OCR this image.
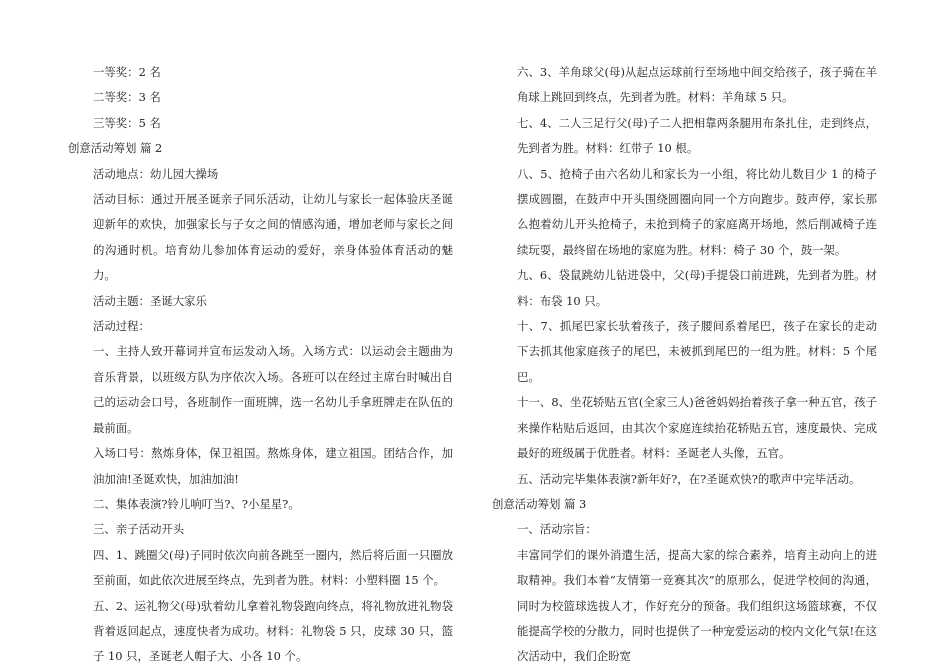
一等奖：2 名

二等奖：3 名

三等奖：5 名

创意活动筹划 篇 2

活动地点：幼儿园大操场

活动目标：通过开展圣诞亲子同乐活动，让幼儿与家长一起体验庆圣诞迎新年的欢快，加强家长与子女之间的情感沟通，增加老师与家长之间的沟通时机。培育幼儿参加体育运动的爱好，亲身体验体育活动的魅力。

活动主题：圣诞大家乐

活动过程：

一、主持人致开幕词并宣布运发动入场。入场方式：以运动会主题曲为音乐背景，以班级方队为序依次入场。各班可以在经过主席台时喊出自己的运动会口号，各班制作一面班牌，选一名幼儿手拿班牌走在队伍的最前面。

入场口号：熬炼身体，保卫祖国。熬炼身体，建立祖国。团结合作，加油加油!圣诞欢快，加油加油!

二、集体表演?铃儿响叮当?、?小星星?。

三、亲子活动开头

四、1、跳圈父(母)子同时依次向前各跳至一圈内，然后将后面一只圈放至前面，如此依次进展至终点，先到者为胜。材料：小塑料圈 15 个。

五、2、运礼物父(母)驮着幼儿拿着礼物袋跑向终点，将礼物放进礼物袋背着返回起点，速度快者为成功。材料：礼物袋 5 只，皮球 30 只，篮子 10 只，圣诞老人帽子大、小各 10 个。

六、3、羊角球父(母)从起点运球前行至场地中间交给孩子，孩子骑在羊角球上跳回到终点，先到者为胜。材料：羊角球 5 只。

七、4、二人三足行父(母)子二人把相靠两条腿用布条扎住，走到终点，先到者为胜。材料：红带子 10 根。

八、5、抢椅子由六名幼儿和家长为一小组，将比幼儿数目少 1 的椅子摆成圆圈，在鼓声中开头围绕圆圈向同一个方向跑步。鼓声停，家长那么抱着幼儿开头抢椅子，未抢到椅子的家庭离开场地，然后削减椅子连续玩耍，最终留在场地的家庭为胜。材料：椅子 30 个，鼓一架。

九、6、袋鼠跳幼儿钻进袋中，父(母)手提袋口前进跳，先到者为胜。材料：布袋 10 只。

十、7、抓尾巴家长驮着孩子，孩子腰间系着尾巴，孩子在家长的走动下去抓其他家庭孩子的尾巴，未被抓到尾巴的一组为胜。材料：5 个尾巴。

十一、8、坐花轿贴五官(全家三人)爸爸妈妈抬着孩子拿一种五官，孩子来操作粘贴后返回，由其次个家庭连续抬花轿贴五官，速度最快、完成最好的班级属于优胜者。材料：圣诞老人头像，五官。

五、活动完毕集体表演?新年好?，在?圣诞欢快?的歌声中完毕活动。

创意活动筹划 篇 3

一、活动宗旨：

丰富同学们的课外消遣生活，提高大家的综合素养，培育主动向上的进取精神。我们本着“友情第一竞赛其次”的原那么，促进学校间的沟通，同时为校篮球选拔人才，作好充分的预备。我们组织这场篮球赛，不仅能提高学校的分散力，同时也提供了一种宠爱运动的校内文化气氛!在这次活动中，我们企盼宽
